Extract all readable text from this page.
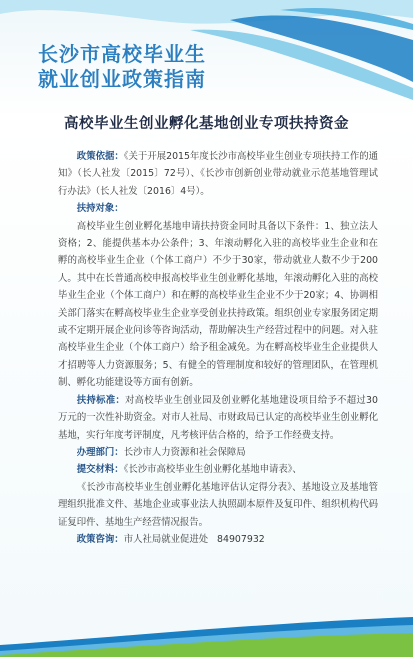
长沙市高校毕业生
就业创业政策指南
高校毕业生创业孵化基地创业专项扶持资金

政策依据：《关于开展2015年度长沙市高校毕业生创业专项扶持工作的通知》（长人社发〔2015〕72号）、《长沙市创新创业带动就业示范基地管理试行办法》（长人社发〔2016〕4号）。

扶持对象：

高校毕业生创业孵化基地申请扶持资金同时具备以下条件：1、独立法人资格；2、能提供基本办公条件；3、年滚动孵化入驻的高校毕业生企业和在孵的高校毕业生企业（个体工商户）不少于30家，带动就业人数不少于200人。其中在长普通高校申报高校毕业生创业孵化基地，年滚动孵化入驻的高校毕业生企业（个体工商户）和在孵的高校毕业生企业不少于20家；4、协调相关部门落实在孵高校毕业生企业享受创业扶持政策。组织创业专家服务团定期或不定期开展企业问诊等咨询活动，帮助解决生产经营过程中的问题。对入驻高校毕业生企业（个体工商户）给予租金减免。为在孵高校毕业生企业提供人才招聘等人力资源服务；5、有健全的管理制度和较好的管理团队，在管理机制、孵化功能建设等方面有创新。

扶持标准：对高校毕业生创业园及创业孵化基地建设项目给予不超过30万元的一次性补助资金。对市人社局、市财政局已认定的高校毕业生创业孵化基地，实行年度考评制度，凡考核评估合格的，给予工作经费支持。

办理部门：长沙市人力资源和社会保障局

提交材料：《长沙市高校毕业生创业孵化基地申请表》、

《长沙市高校毕业生创业孵化基地评估认定得分表》、基地设立及基地管理组织批准文件、基地企业或事业法人执照副本原件及复印件、组织机构代码证复印件、基地生产经营情况报告。

政策咨询：市人社局就业促进处 84907932
